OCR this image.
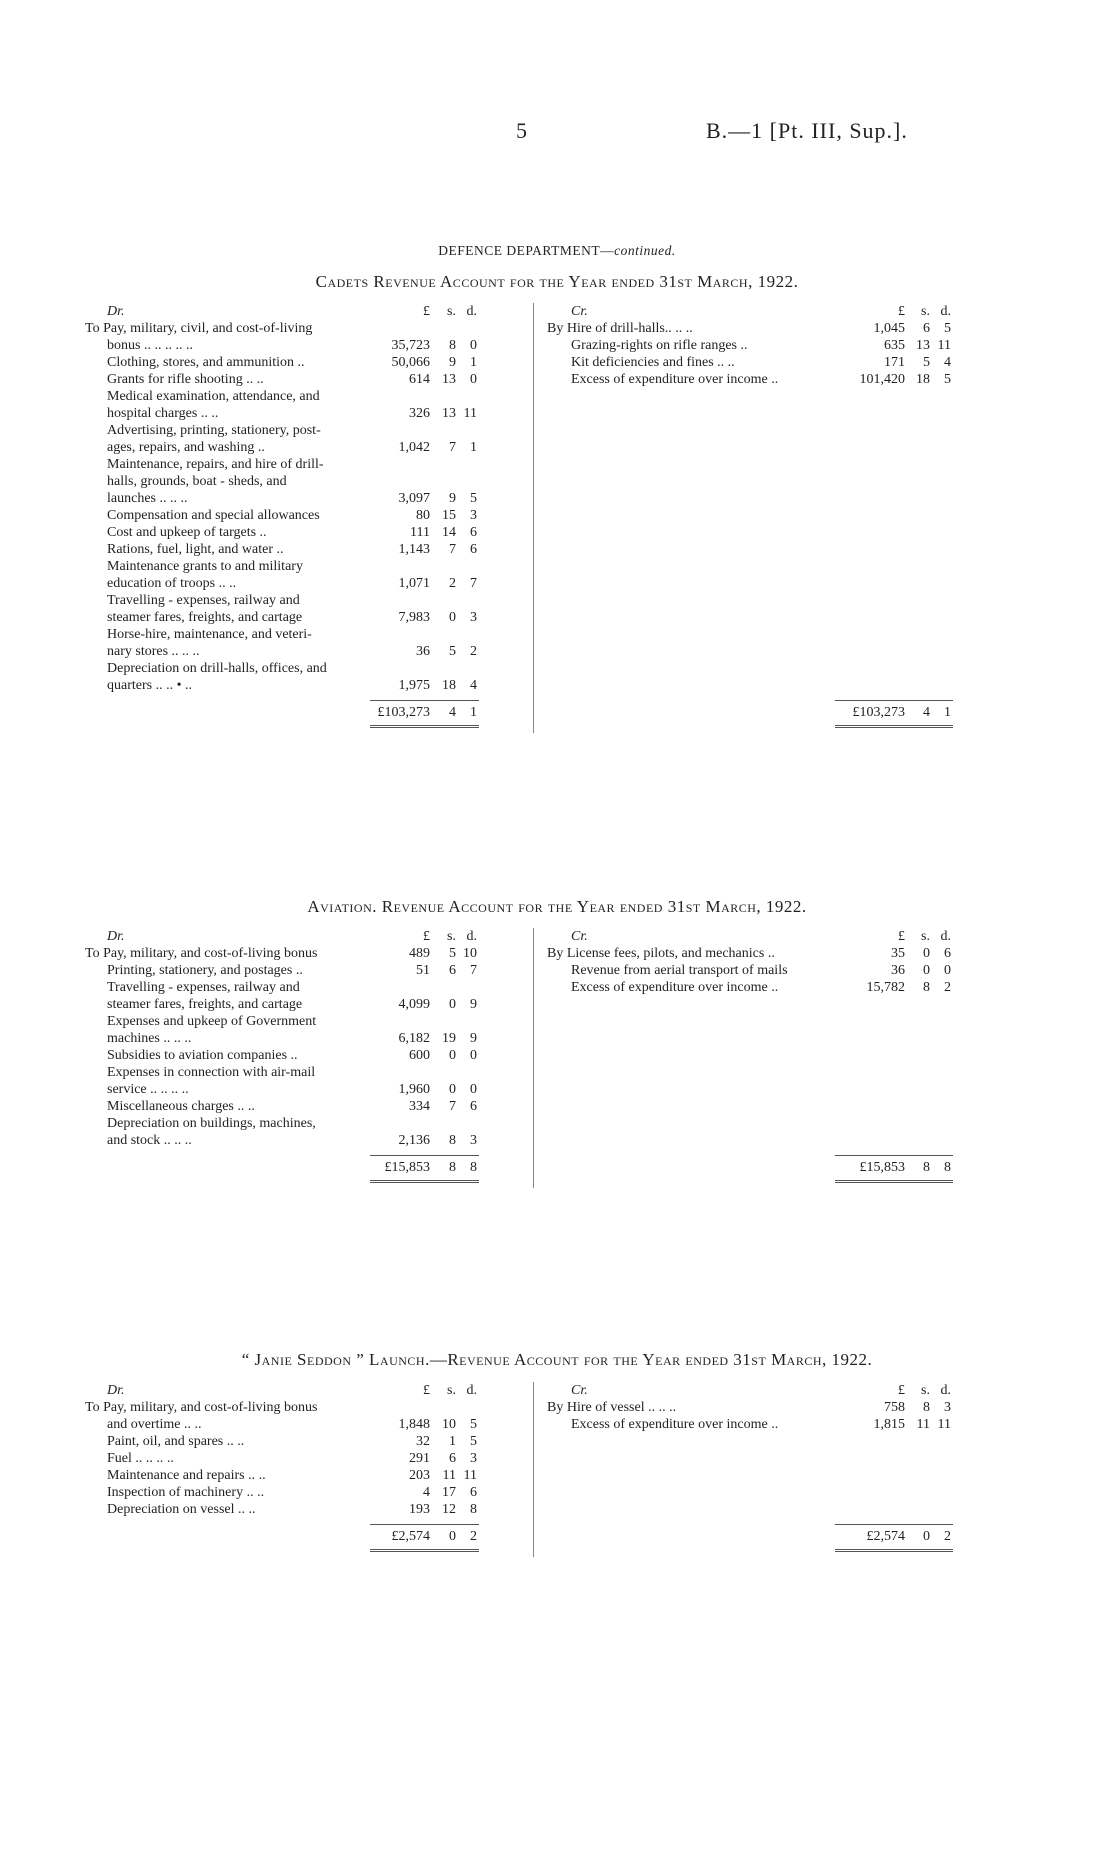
5	B.—1 [Pt. III, Sup.].
DEFENCE DEPARTMENT—continued.
Cadets Revenue Account for the Year ended 31st March, 1922.
Dr.	£ s. d.	Cr.	£ s. d.
To Pay, military, civil, and cost-of-living
bonus .. .. .. .. ..	35,723 8 0
Clothing, stores, and ammunition ..	50,066 9 1
Grants for rifle shooting .. ..	614 13 0
Medical examination, attendance, and
hospital charges .. ..	326 13 11
Advertising, printing, stationery, post-
ages, repairs, and washing ..	1,042 7 1
Maintenance, repairs, and hire of drill-
halls, grounds, boat - sheds, and
launches .. .. ..	3,097 9 5
Compensation and special allowances	80 15 3
Cost and upkeep of targets ..	111 14 6
Rations, fuel, light, and water ..	1,143 7 6
Maintenance grants to and military
education of troops .. ..	1,071 2 7
Travelling - expenses, railway and
steamer fares, freights, and cartage	7,983 0 3
Horse-hire, maintenance, and veteri-
nary stores .. .. ..	36 5 2
Depreciation on drill-halls, offices, and
quarters .. .. • ..	1,975 18 4
By Hire of drill-halls.. .. ..	1,045 6 5
Grazing-rights on rifle ranges ..	635 13 11
Kit deficiencies and fines .. ..	171 5 4
Excess of expenditure over income ..	101,420 18 5
£103,273 4 1	£103,273 4 1
Aviation. Revenue Account for the Year ended 31st March, 1922.
Dr.	£ s. d.	Cr.	£ s. d.
To Pay, military, and cost-of-living bonus	489 5 10
Printing, stationery, and postages ..	51 6 7
Travelling - expenses, railway and
steamer fares, freights, and cartage	4,099 0 9
Expenses and upkeep of Government
machines .. .. ..	6,182 19 9
Subsidies to aviation companies ..	600 0 0
Expenses in connection with air-mail
service .. .. .. ..	1,960 0 0
Miscellaneous charges .. ..	334 7 6
Depreciation on buildings, machines,
and stock .. .. ..	2,136 8 3
By License fees, pilots, and mechanics ..	35 0 6
Revenue from aerial transport of mails	36 0 0
Excess of expenditure over income ..	15,782 8 2
£15,853 8 8	£15,853 8 8
“ Janie Seddon ” Launch.—Revenue Account for the Year ended 31st March, 1922.
Dr.	£ s. d.	Cr.	£ s. d.
To Pay, military, and cost-of-living bonus
and overtime .. ..	1,848 10 5
Paint, oil, and spares .. ..	32 1 5
Fuel .. .. .. ..	291 6 3
Maintenance and repairs .. ..	203 11 11
Inspection of machinery .. ..	4 17 6
Depreciation on vessel .. ..	193 12 8
By Hire of vessel .. .. ..	758 8 3
Excess of expenditure over income ..	1,815 11 11
£2,574 0 2	£2,574 0 2
